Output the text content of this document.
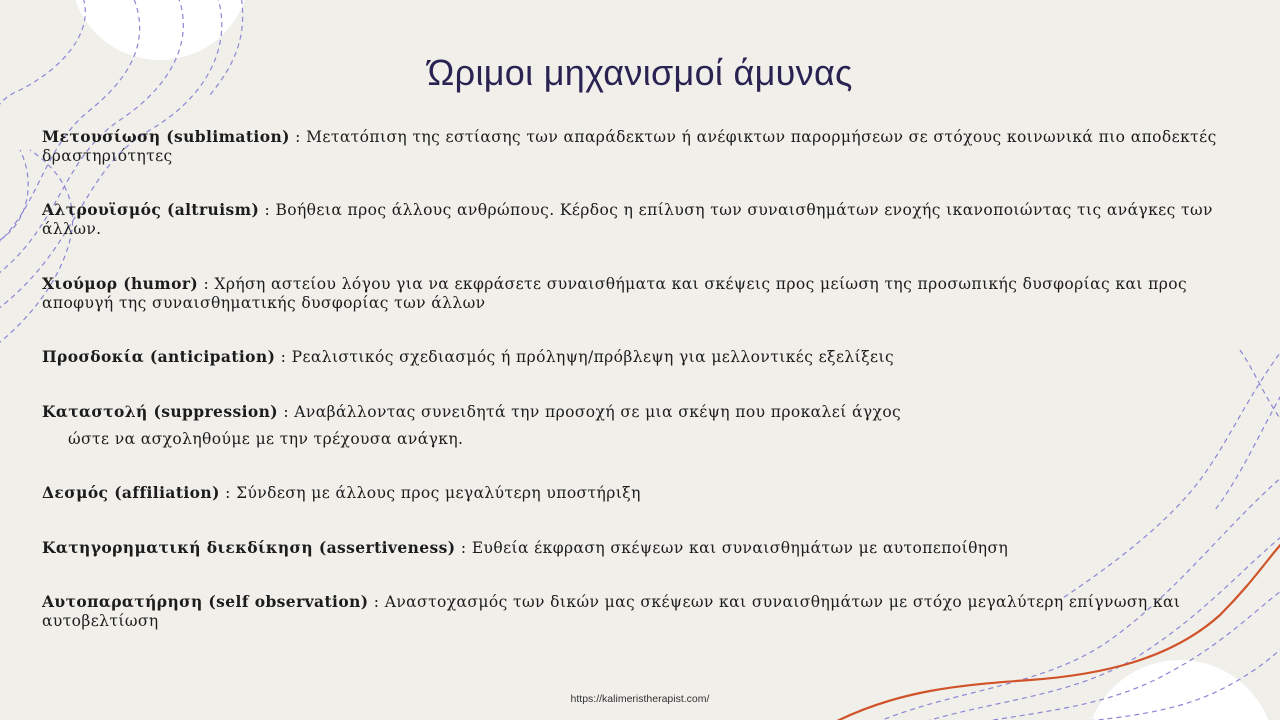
Ώριμοι μηχανισμοί άμυνας
Μετουσίωση (sublimation) : Μετατόπιση της εστίασης των απαράδεκτων ή ανέφικτων παρορμήσεων σε στόχους κοινωνικά πιο αποδεκτές δραστηριότητες
Αλτρουϊσμός (altruism) : Βοήθεια προς άλλους ανθρώπους. Κέρδος η επίλυση των συναισθημάτων ενοχής ικανοποιώντας τις ανάγκες των άλλων.
Χιούμορ (humor) : Χρήση αστείου λόγου για να εκφράσετε συναισθήματα και σκέψεις προς μείωση της προσωπικής δυσφορίας και προς αποφυγή της συναισθηματικής δυσφορίας των άλλων
Προσδοκία (anticipation) : Ρεαλιστικός σχεδιασμός ή πρόληψη/πρόβλεψη για μελλοντικές εξελίξεις
Καταστολή (suppression) : Αναβάλλοντας συνειδητά την προσοχή σε μια σκέψη που προκαλεί άγχος
ώστε να ασχοληθούμε με την τρέχουσα ανάγκη.
Δεσμός (affiliation) : Σύνδεση με άλλους προς μεγαλύτερη υποστήριξη
Κατηγορηματική διεκδίκηση (assertiveness) : Ευθεία έκφραση σκέψεων και συναισθημάτων με αυτοπεποίθηση
Αυτοπαρατήρηση (self observation) : Αναστοχασμός των δικών μας σκέψεων και συναισθημάτων με στόχο μεγαλύτερη επίγνωση και αυτοβελτίωση
https://kalimeristherapist.com/
